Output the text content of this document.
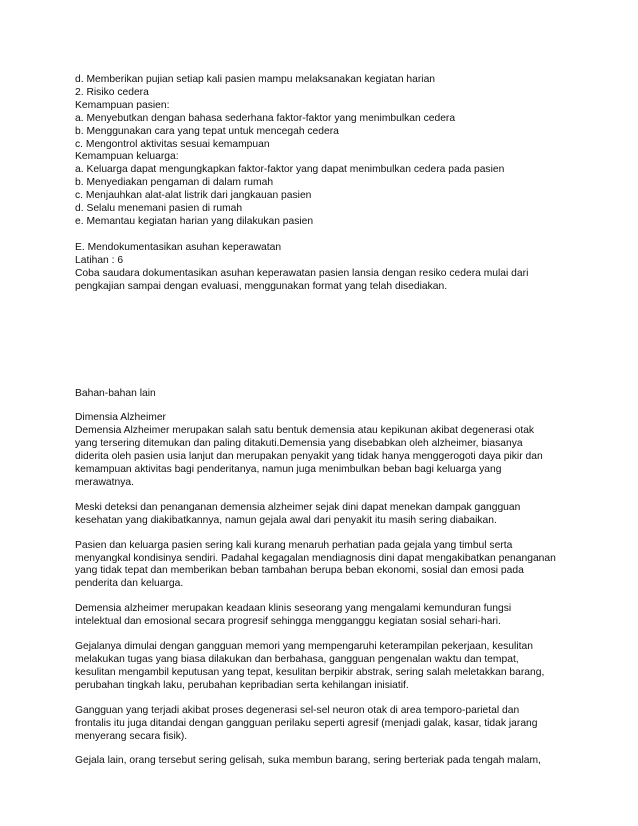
d. Memberikan pujian setiap kali pasien mampu melaksanakan kegiatan harian
2. Risiko cedera
Kemampuan pasien:
a. Menyebutkan dengan bahasa sederhana faktor-faktor yang menimbulkan cedera
b. Menggunakan cara yang tepat untuk mencegah cedera
c. Mengontrol aktivitas sesuai kemampuan
Kemampuan keluarga:
a. Keluarga dapat mengungkapkan faktor-faktor yang dapat menimbulkan cedera pada pasien
b. Menyediakan pengaman di dalam rumah
c. Menjauhkan alat-alat listrik dari jangkauan pasien
d. Selalu menemani pasien di rumah
e. Memantau kegiatan harian yang dilakukan pasien
E. Mendokumentasikan asuhan keperawatan
Latihan : 6
Coba saudara dokumentasikan asuhan keperawatan pasien lansia dengan resiko cedera mulai dari
pengkajian sampai dengan evaluasi, menggunakan format yang telah disediakan.
Bahan-bahan lain
Dimensia Alzheimer
Demensia Alzheimer merupakan salah satu bentuk demensia atau kepikunan akibat degenerasi otak
yang tersering ditemukan dan paling ditakuti.Demensia yang disebabkan oleh alzheimer, biasanya
diderita oleh pasien usia lanjut dan merupakan penyakit yang tidak hanya menggerogoti daya pikir dan
kemampuan aktivitas bagi penderitanya, namun juga menimbulkan beban bagi keluarga yang
merawatnya.
Meski deteksi dan penanganan demensia alzheimer sejak dini dapat menekan dampak gangguan
kesehatan yang diakibatkannya, namun gejala awal dari penyakit itu masih sering diabaikan.
Pasien dan keluarga pasien sering kali kurang menaruh perhatian pada gejala yang timbul serta
menyangkal kondisinya sendiri. Padahal kegagalan mendiagnosis dini dapat mengakibatkan penanganan
yang tidak tepat dan memberikan beban tambahan berupa beban ekonomi, sosial dan emosi pada
penderita dan keluarga.
Demensia alzheimer merupakan keadaan klinis seseorang yang mengalami kemunduran fungsi
intelektual dan emosional secara progresif sehingga mengganggu kegiatan sosial sehari-hari.
Gejalanya dimulai dengan gangguan memori yang mempengaruhi keterampilan pekerjaan, kesulitan
melakukan tugas yang biasa dilakukan dan berbahasa, gangguan pengenalan waktu dan tempat,
kesulitan mengambil keputusan yang tepat, kesulitan berpikir abstrak, sering salah meletakkan barang,
perubahan tingkah laku, perubahan kepribadian serta kehilangan inisiatif.
Gangguan yang terjadi akibat proses degenerasi sel-sel neuron otak di area temporo-parietal dan
frontalis itu juga ditandai dengan gangguan perilaku seperti agresif (menjadi galak, kasar, tidak jarang
menyerang secara fisik).
Gejala lain, orang tersebut sering gelisah, suka membun barang, sering berteriak pada tengah malam,
